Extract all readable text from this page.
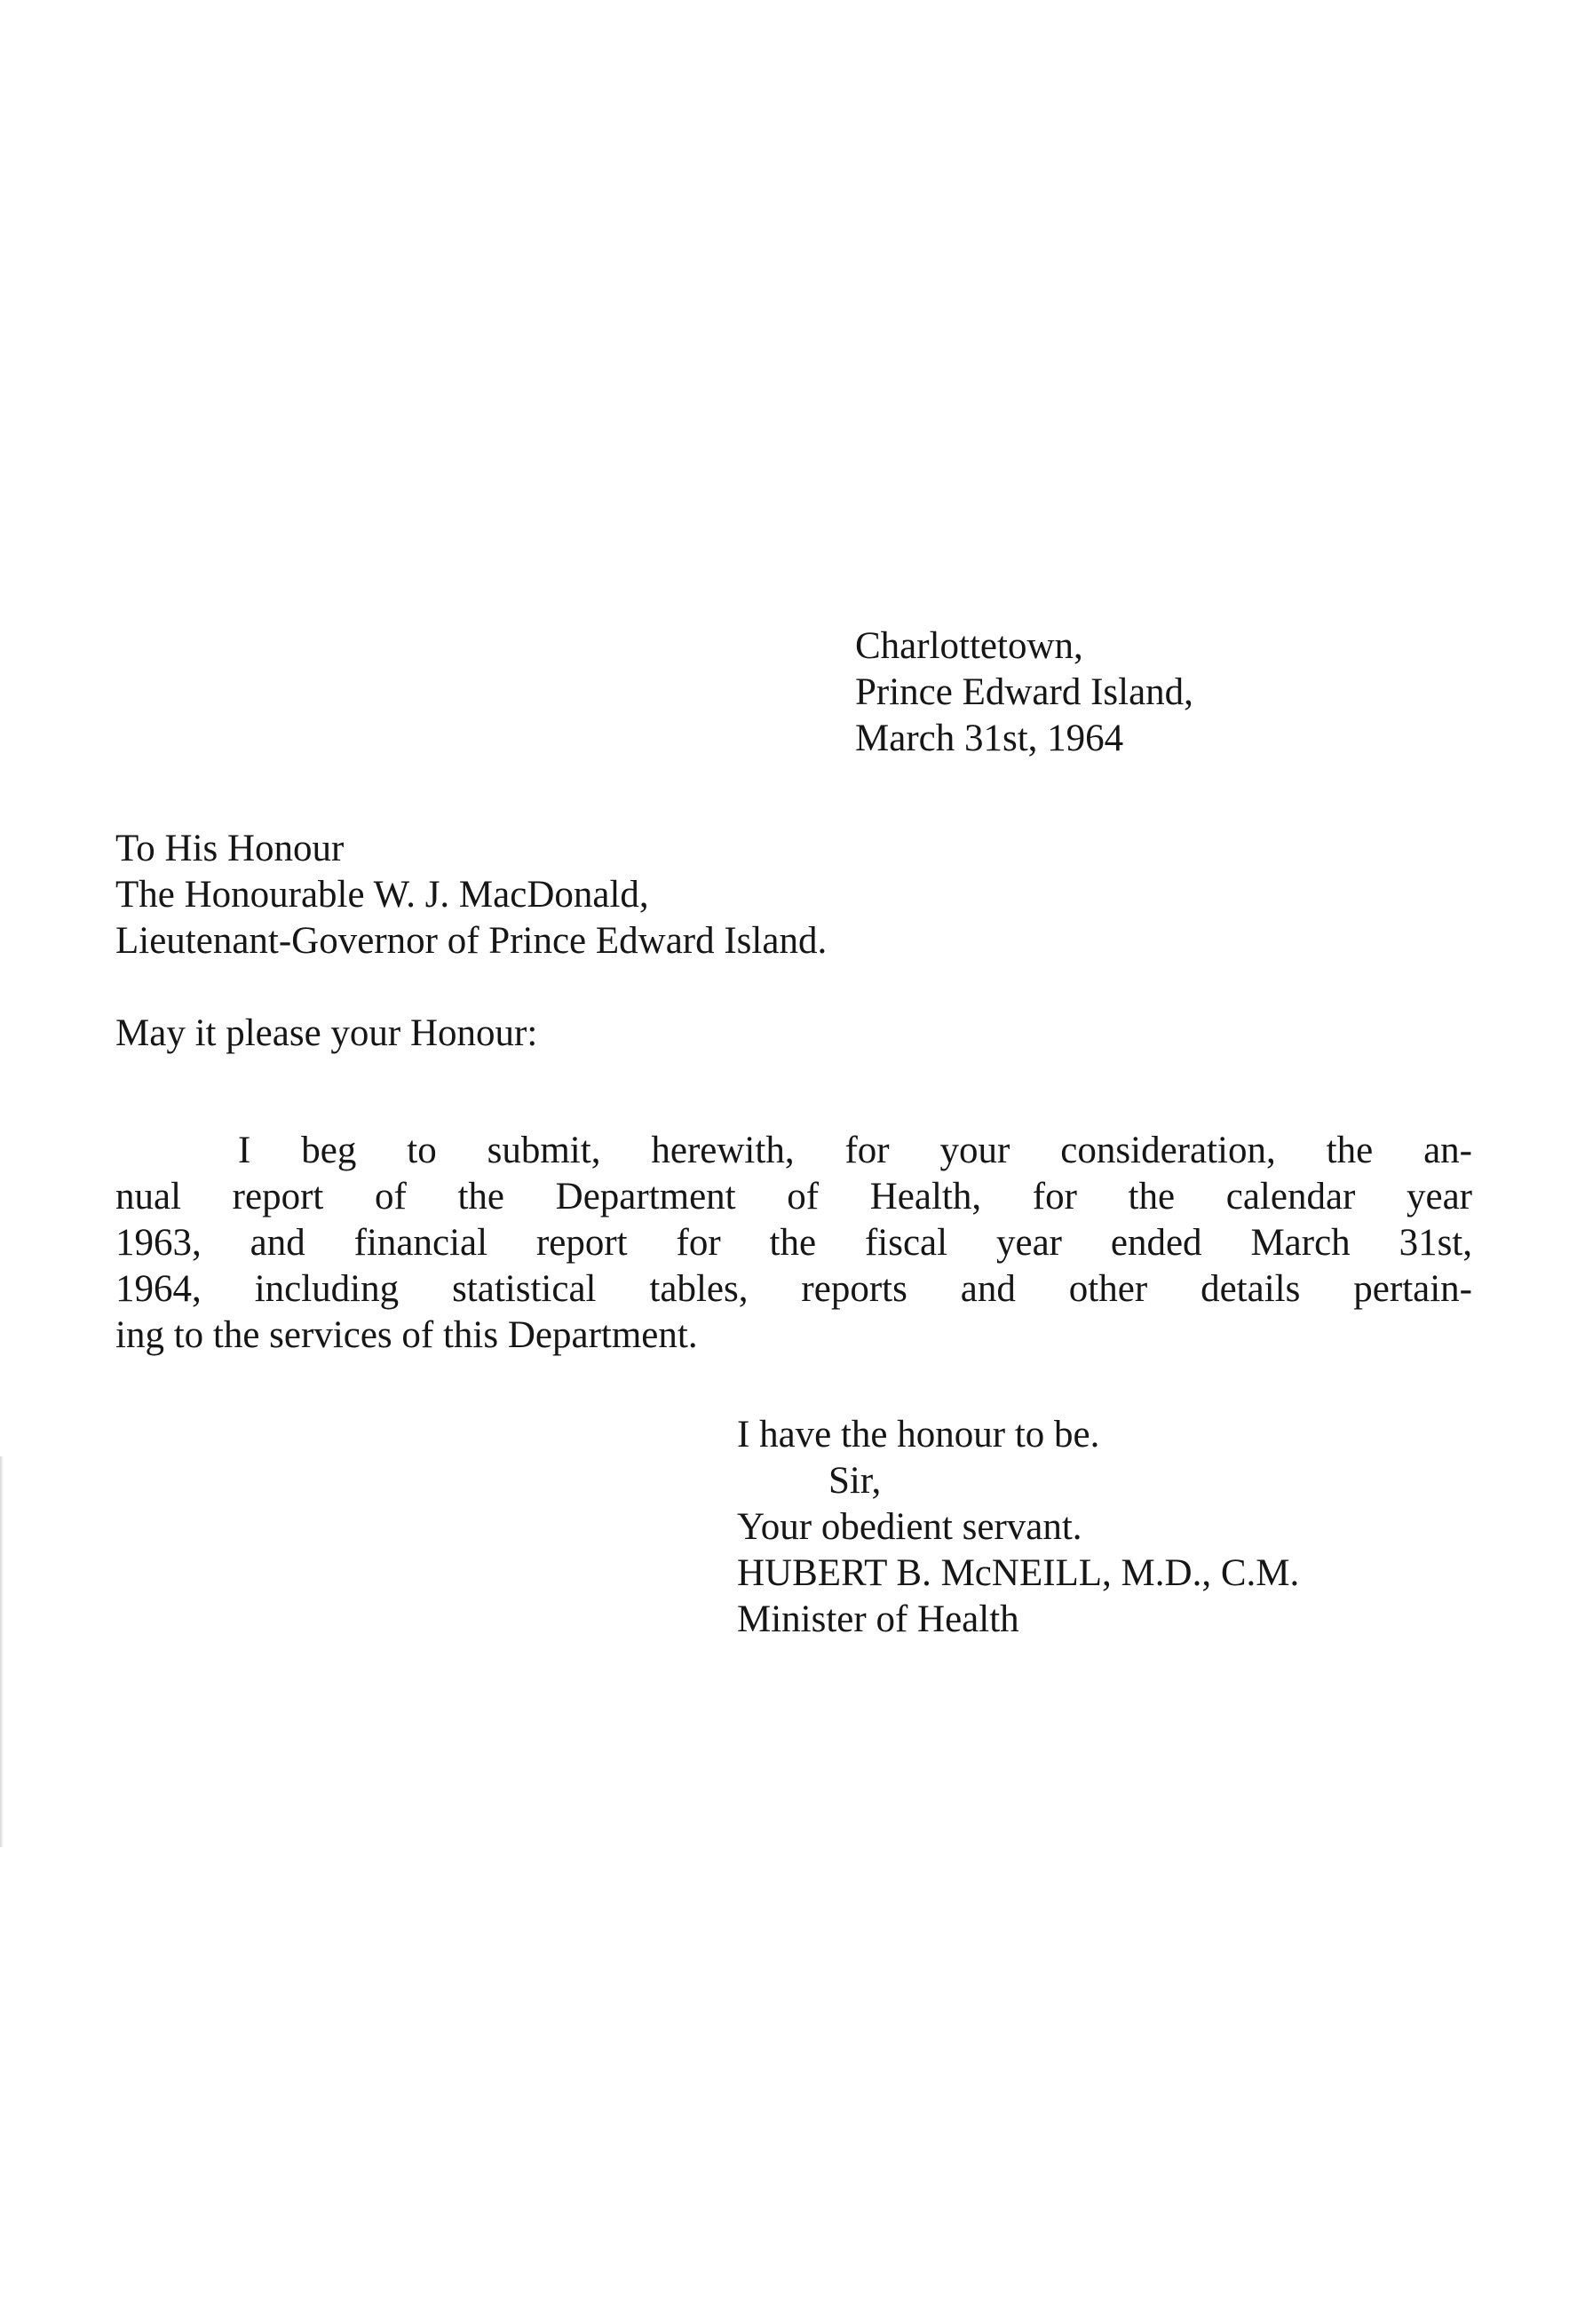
Charlottetown,
Prince Edward Island,
March 31st, 1964
To His Honour
The Honourable W. J. MacDonald,
Lieutenant-Governor of Prince Edward Island.
May it please your Honour:
I beg to submit, herewith, for your consideration, the an-
nual report of the Department of Health, for the calendar year
1963, and financial report for the fiscal year ended March 31st,
1964, including statistical tables, reports and other details pertain-
ing to the services of this Department.
I have the honour to be.
Sir,
Your obedient servant.
HUBERT B. McNEILL, M.D., C.M.
Minister of Health
